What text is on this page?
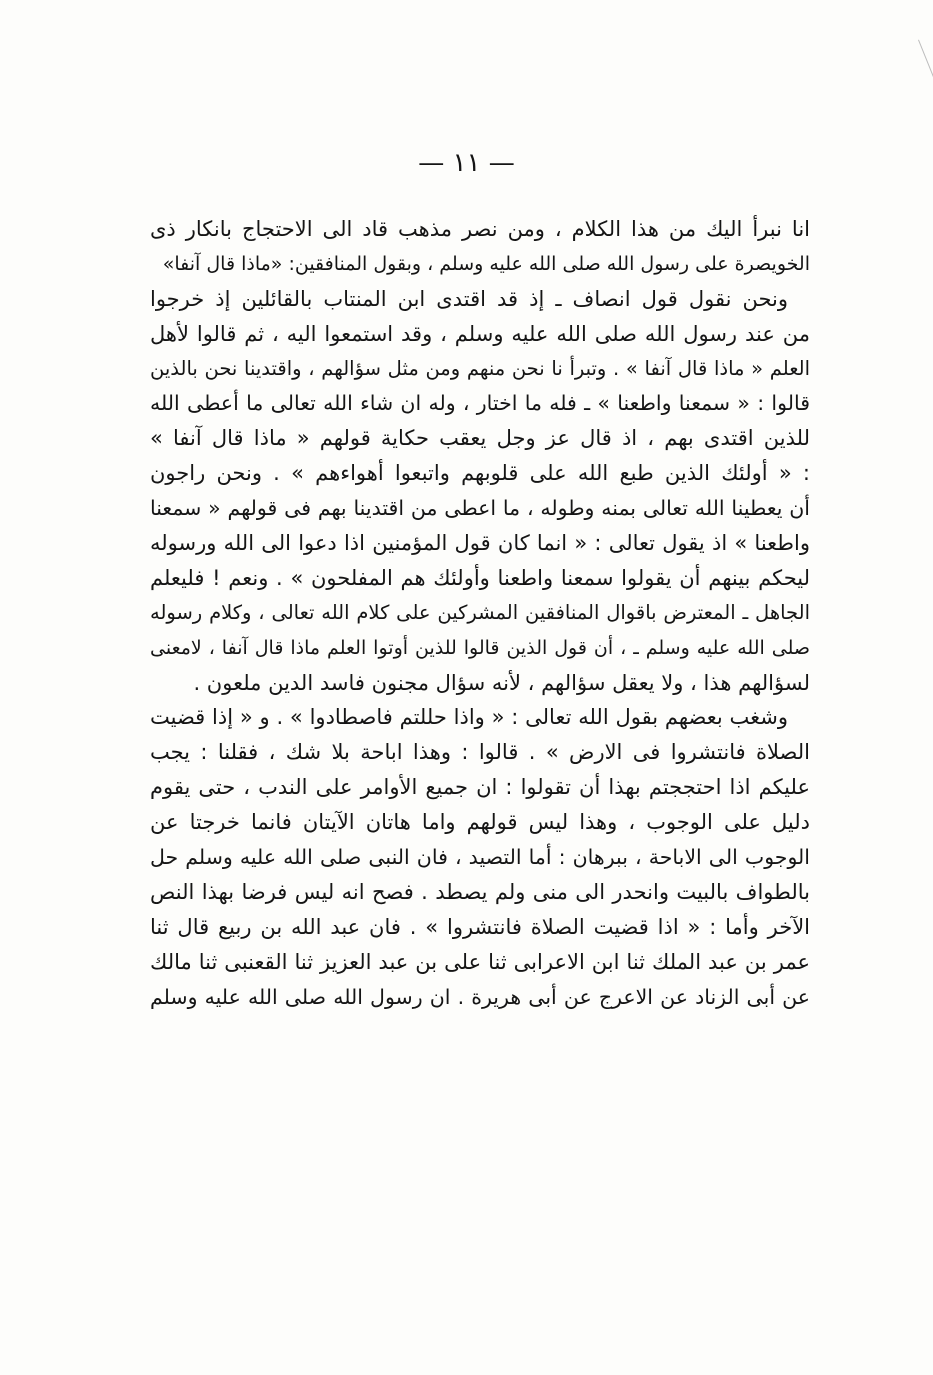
— ١١ —
انا نبرأ اليك من هذا الكلام ، ومن نصر مذهب قاد الى الاحتجاج بانكار ذى
الخويصرة على رسول الله صلى الله عليه وسلم ، وبقول المنافقين: «ماذا قال آنفا»
ونحن نقول قول انصاف ـ إذ قد اقتدى ابن المنتاب بالقائلين إذ خرجوا
من عند رسول الله صلى الله عليه وسلم ، وقد استمعوا اليه ، ثم قالوا لأهل
العلم « ماذا قال آنفا » . وتبرأ نا نحن منهم ومن مثل سؤالهم ، واقتدينا نحن بالذين
قالوا : « سمعنا واطعنا » ـ فله ما اختار ، وله ان شاء الله تعالى ما أعطى الله
للذين اقتدى بهم ، اذ قال عز وجل يعقب حكاية قولهم « ماذا قال آنفا »
: « أولئك الذين طبع الله على قلوبهم واتبعوا أهواءهم » . ونحن راجون
أن يعطينا الله تعالى بمنه وطوله ، ما اعطى من اقتدينا بهم فى قولهم « سمعنا
واطعنا » اذ يقول تعالى : « انما كان قول المؤمنين اذا دعوا الى الله ورسوله
ليحكم بينهم أن يقولوا سمعنا واطعنا وأولئك هم المفلحون » . ونعم ! فليعلم
الجاهل ـ المعترض باقوال المنافقين المشركين على كلام الله تعالى ، وكلام رسوله
صلى الله عليه وسلم ـ ، أن قول الذين قالوا للذين أوتوا العلم ماذا قال آنفا ، لامعنى
لسؤالهم هذا ، ولا يعقل سؤالهم ، لأنه سؤال مجنون فاسد الدين ملعون .
وشغب بعضهم بقول الله تعالى : « واذا حللتم فاصطادوا » . و « إذا قضيت
الصلاة فانتشروا فى الارض » . قالوا : وهذا اباحة بلا شك ، فقلنا : يجب
عليكم اذا احتججتم بهذا أن تقولوا : ان جميع الأوامر على الندب ، حتى يقوم
دليل على الوجوب ، وهذا ليس قولهم واما هاتان الآيتان فانما خرجتا عن
الوجوب الى الاباحة ، ببرهان : أما التصيد ، فان النبى صلى الله عليه وسلم حل
بالطواف بالبيت وانحدر الى منى ولم يصطد . فصح انه ليس فرضا بهذا النص
الآخر وأما : « اذا قضيت الصلاة فانتشروا » . فان عبد الله بن ربيع قال ثنا
عمر بن عبد الملك ثنا ابن الاعرابى ثنا على بن عبد العزيز ثنا القعنبى ثنا مالك
عن أبى الزناد عن الاعرج عن أبى هريرة . ان رسول الله صلى الله عليه وسلم
